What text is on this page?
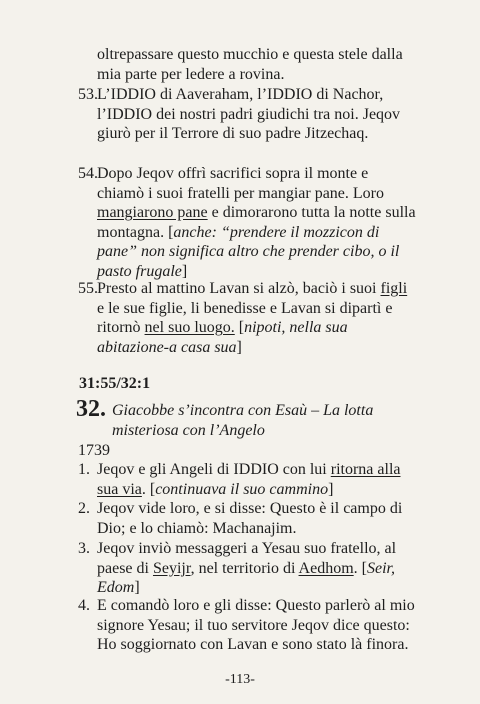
oltrepassare questo mucchio e questa stele dalla mia parte per ledere a rovina.
53. L’IDDIO di Aaveraham, l’IDDIO di Nachor, l’IDDIO dei nostri padri giudichi tra noi. Jeqov giurò per il Terrore di suo padre Jitzechaq.
54. Dopo Jeqov offrì sacrifici sopra il monte e chiamò i suoi fratelli per mangiar pane. Loro mangiarono pane e dimorarono tutta la notte sulla montagna. [anche: “prendere il mozzicon di pane” non significa altro che prender cibo, o il pasto frugale]
55. Presto al mattino Lavan si alzò, baciò i suoi figli e le sue figlie, li benedisse e Lavan si dipartì e ritornò nel suo luogo. [nipoti, nella sua abitazione-a casa sua]
31:55/32:1
32. Giacobbe s’incontra con Esaù – La lotta misteriosa con l’Angelo
1739
1. Jeqov e gli Angeli di IDDIO con lui ritorna alla sua via. [continuava il suo cammino]
2. Jeqov vide loro, e si disse: Questo è il campo di Dio; e lo chiamò: Machanajim.
3. Jeqov inviò messaggeri a Yesau suo fratello, al paese di Seyijr, nel territorio di Aedhom. [Seir, Edom]
4. E comandò loro e gli disse: Questo parlerò al mio signore Yesau; il tuo servitore Jeqov dice questo: Ho soggiornato con Lavan e sono stato là finora.
-113-
